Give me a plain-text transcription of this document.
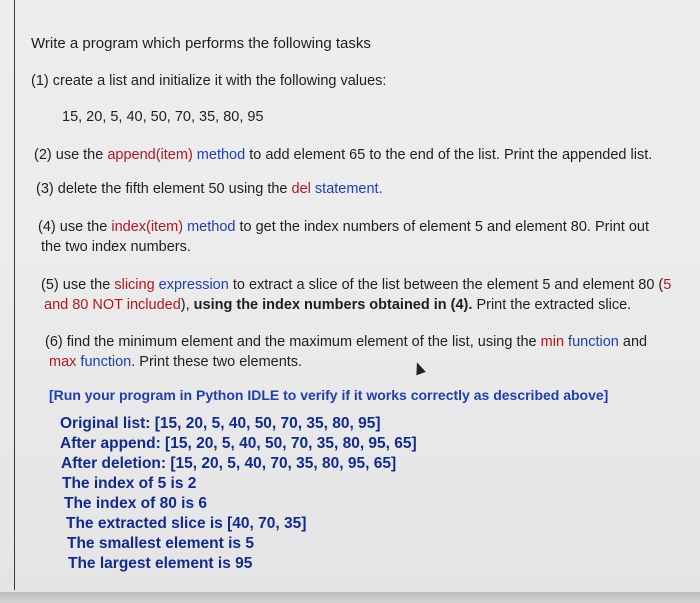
Write a program which performs the following tasks
(1) create a list and initialize it with the following values:
15, 20, 5, 40, 50, 70, 35, 80, 95
(2) use the append(item) method to add element 65 to the end of the list. Print the appended list.
(3) delete the fifth element 50 using the del statement.
(4) use the index(item) method to get the index numbers of element 5 and element 80. Print out
the two index numbers.
(5) use the slicing expression to extract a slice of the list between the element 5 and element 80 (5
and 80 NOT included), using the index numbers obtained in (4). Print the extracted slice.
(6) find the minimum element and the maximum element of the list, using the min function and
max function. Print these two elements.
[Run your program in Python IDLE to verify if it works correctly as described above]
Original list: [15, 20, 5, 40, 50, 70, 35, 80, 95]
After append: [15, 20, 5, 40, 50, 70, 35, 80, 95, 65]
After deletion: [15, 20, 5, 40, 70, 35, 80, 95, 65]
The index of 5 is 2
The index of 80 is 6
The extracted slice is [40, 70, 35]
The smallest element is 5
The largest element is 95
